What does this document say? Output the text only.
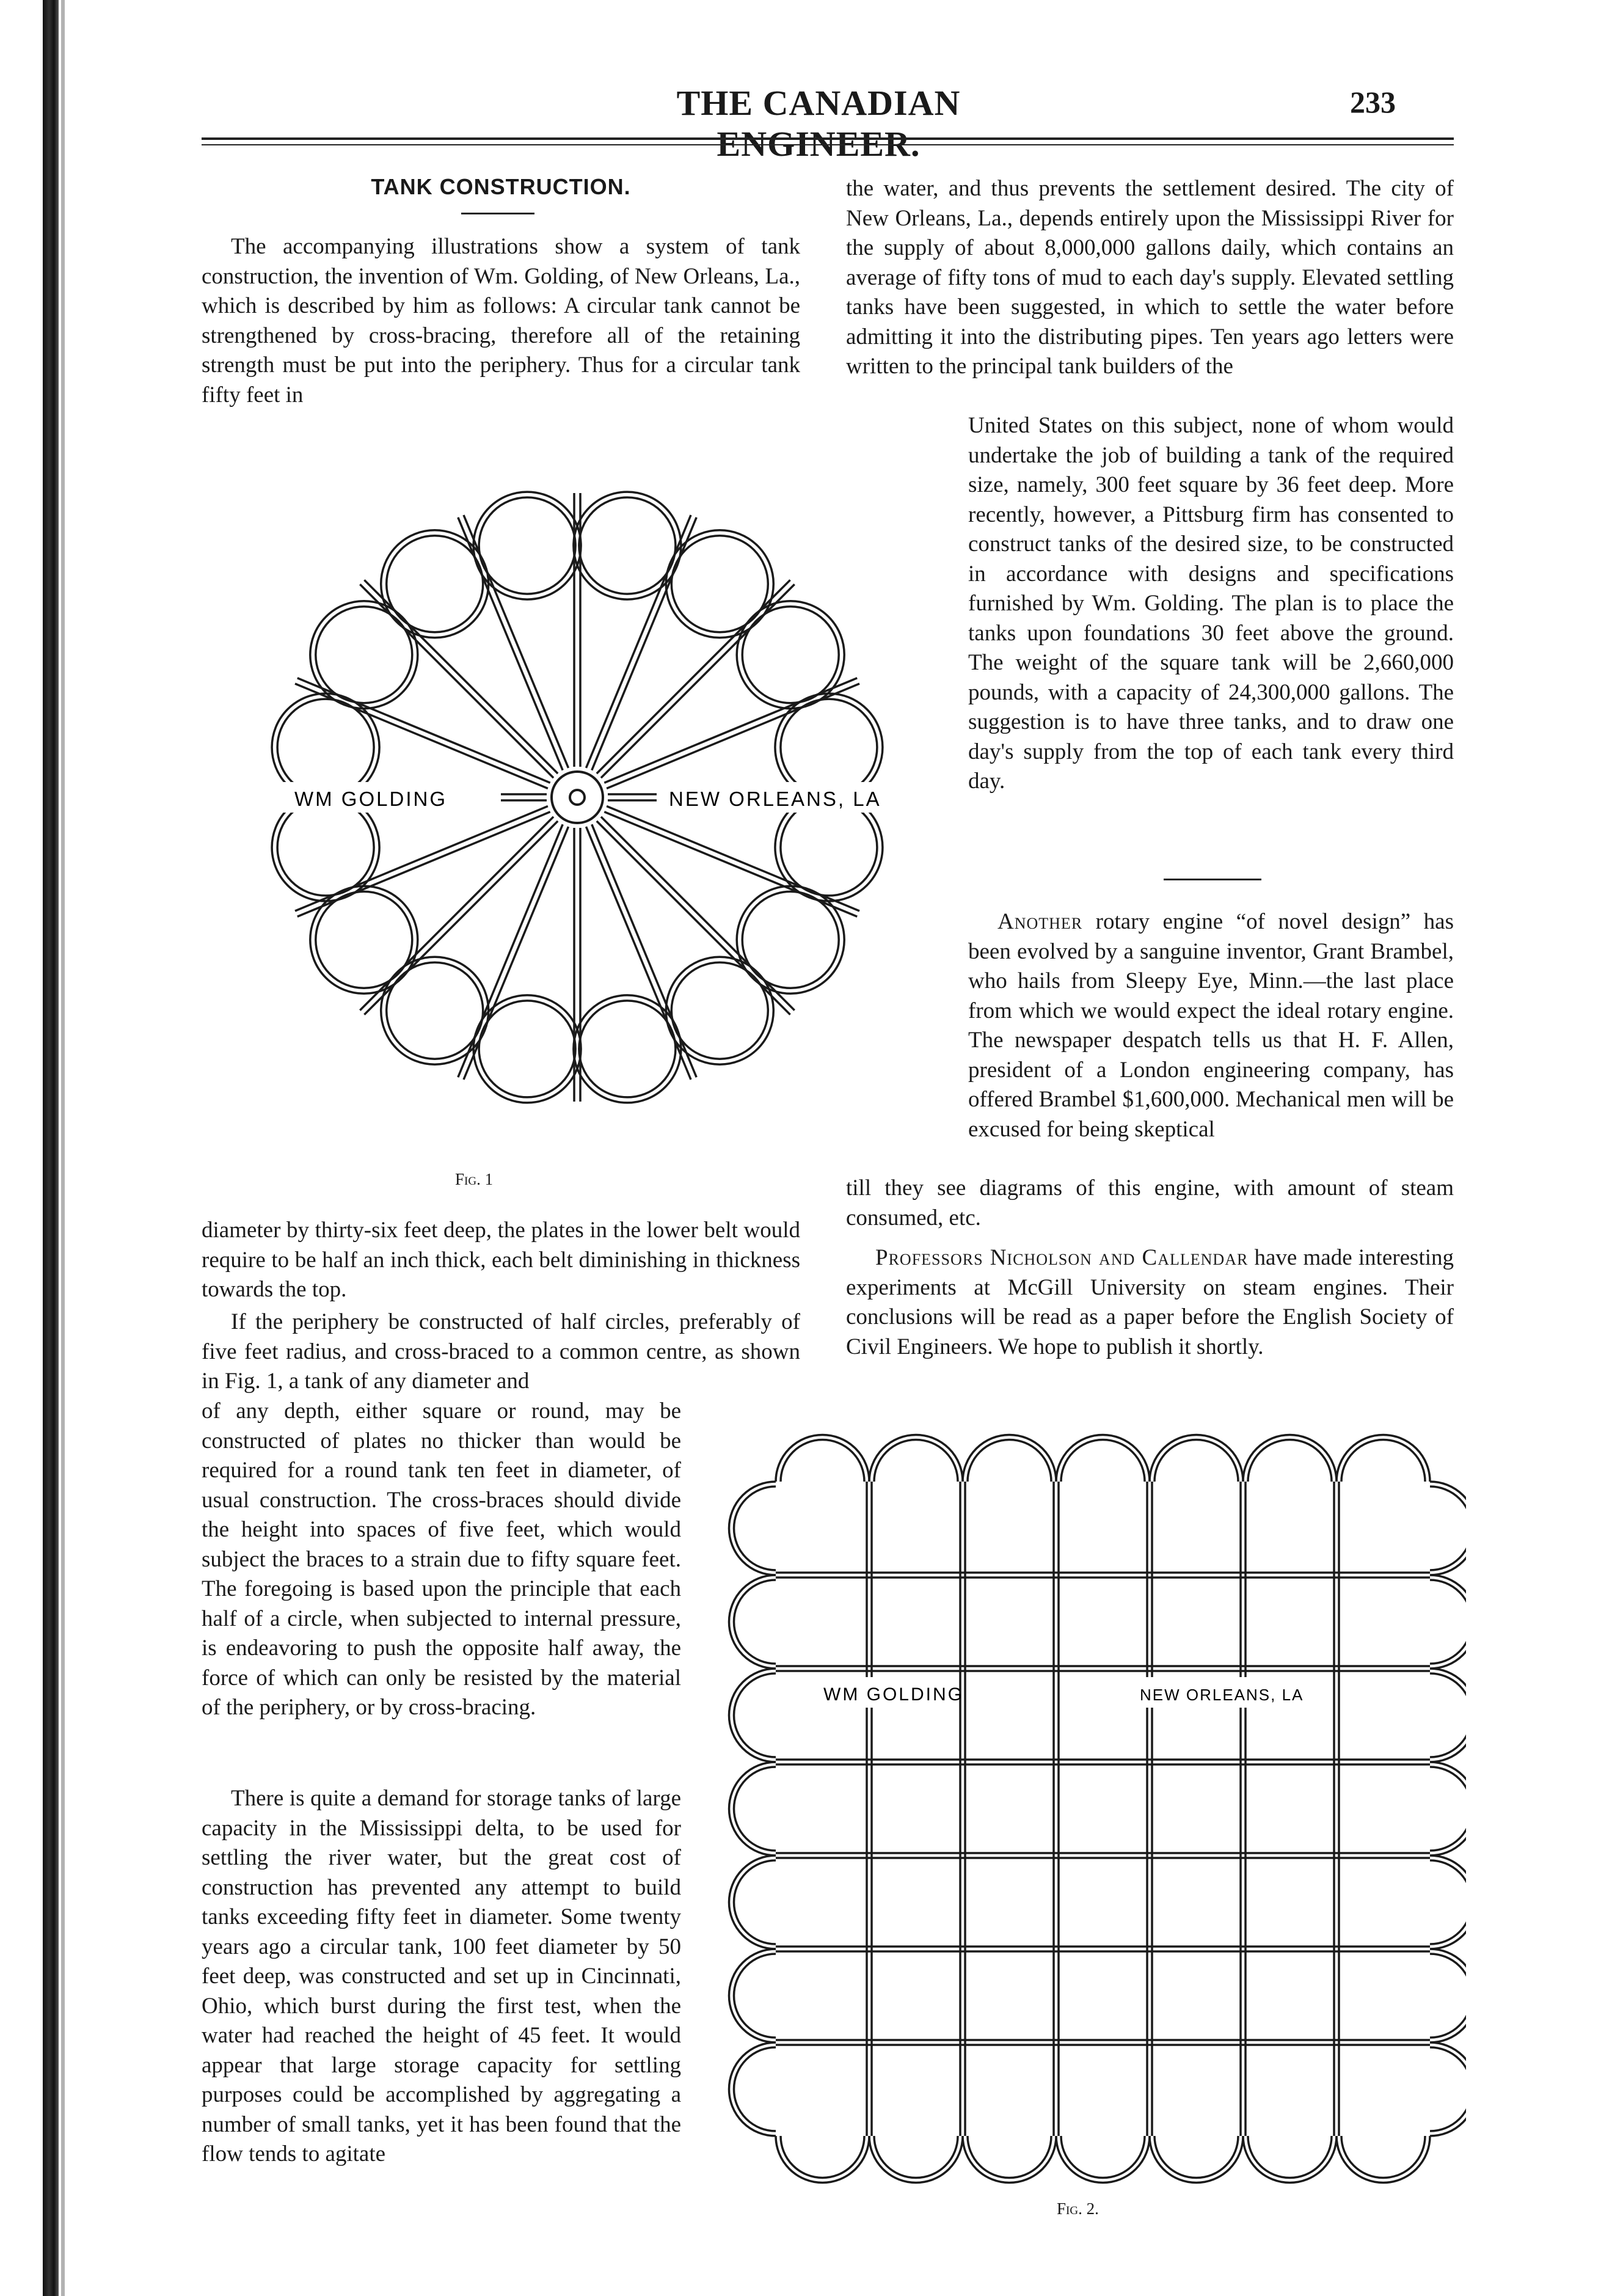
THE CANADIAN	233
TANK CONSTRUCTION.

The accompanying illustrations show a system of tank construction, the invention of Wm. Golding, of New Orleans, La., which is described by him as follows: A circular tank cannot be strengthened by cross-bracing, therefore all of the retaining strength must be put into the periphery. Thus for a circular tank fifty feet in

WM GOLDING	NEW ORLEANS, LA
Fig. 1

diameter by thirty-six feet deep, the plates in the lower belt would require to be half an inch thick, each belt diminishing in thickness towards the top.

If the periphery be constructed of half circles, preferably of five feet radius, and cross-braced to a common centre, as shown in Fig. 1, a tank of any diameter and

of any depth, either square or round, may be constructed of plates no thicker than would be required for a round tank ten feet in diameter, of usual construction. The cross-braces should divide the height into spaces of five feet, which would subject the braces to a strain due to fifty square feet. The foregoing is based upon the principle that each half of a circle, when subjected to internal pressure, is endeavoring to push the opposite half away, the force of which can only be resisted by the material of the periphery, or by cross-bracing.

There is quite a demand for storage tanks of large capacity in the Mississippi delta, to be used for settling the river water, but the great cost of construction has prevented any attempt to build tanks exceeding fifty feet in diameter. Some twenty years ago a circular tank, 100 feet diameter by 50 feet deep, was constructed and set up in Cincinnati, Ohio, which burst during the first test, when the water had reached the height of 45 feet. It would appear that large storage capacity for settling purposes could be accomplished by aggregating a number of small tanks, yet it has been found that the flow tends to agitate

the water, and thus prevents the settlement desired. The city of New Orleans, La., depends entirely upon the Mississippi River for the supply of about 8,000,000 gallons daily, which contains an average of fifty tons of mud to each day's supply. Elevated settling tanks have been suggested, in which to settle the water before admitting it into the distributing pipes. Ten years ago letters were written to the principal tank builders of the

United States on this subject, none of whom would undertake the job of building a tank of the required size, namely, 300 feet square by 36 feet deep. More recently, however, a Pittsburg firm has consented to construct tanks of the desired size, to be constructed in accordance with designs and specifications furnished by Wm. Golding. The plan is to place the tanks upon foundations 30 feet above the ground. The weight of the square tank will be 2,660,000 pounds, with a capacity of 24,300,000 gallons. The suggestion is to have three tanks, and to draw one day's supply from the top of each tank every third day.

Another rotary engine “of novel design” has been evolved by a sanguine inventor, Grant Brambel, who hails from Sleepy Eye, Minn.—the last place from which we would expect the ideal rotary engine. The newspaper despatch tells us that H. F. Allen, president of a London engineering company, has offered Brambel $1,600,000. Mechanical men will be excused for being skeptical

till they see diagrams of this engine, with amount of steam consumed, etc.

Professors Nicholson and Callendar have made interesting experiments at McGill University on steam engines. Their conclusions will be read as a paper before the English Society of Civil Engineers. We hope to publish it shortly.

WM GOLDING	NEW ORLEANS, LA
Fig. 2.
